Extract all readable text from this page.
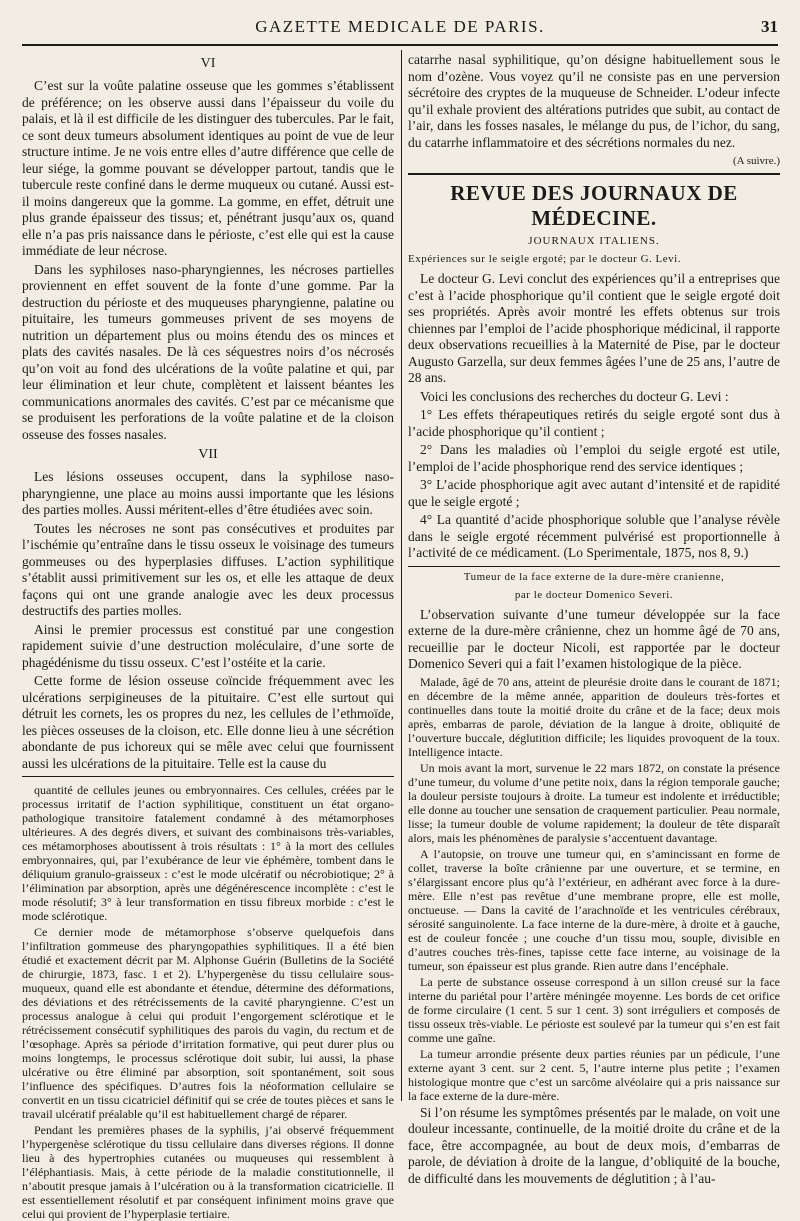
GAZETTE MEDICALE DE PARIS.	31
VI

C’est sur la voûte palatine osseuse que les gommes s’établissent de préférence; on les observe aussi dans l’épaisseur du voile du palais, et là il est difficile de les distinguer des tubercules. Par le fait, ce sont deux tumeurs absolument identiques au point de vue de leur structure intime. Je ne vois entre elles d’autre différence que celle de leur siége, la gomme pouvant se développer partout, tandis que le tubercule reste confiné dans le derme muqueux ou cutané. Aussi est-il moins dangereux que la gomme. La gomme, en effet, détruit une plus grande épaisseur des tissus; et, pénétrant jusqu’aux os, quand elle n’a pas pris naissance dans le périoste, c’est elle qui est la cause immédiate de leur nécrose.

Dans les syphiloses naso-pharyngiennes, les nécroses partielles proviennent en effet souvent de la fonte d’une gomme. Par la destruction du périoste et des muqueuses pharyngienne, palatine ou pituitaire, les tumeurs gommeuses privent de ses moyens de nutrition un département plus ou moins étendu des os minces et plats des cavités nasales. De là ces séquestres noirs d’os nécrosés qu’on voit au fond des ulcérations de la voûte palatine et qui, par leur élimination et leur chute, complètent et laissent béantes les communications anormales des cavités. C’est par ce mécanisme que se produisent les perforations de la voûte palatine et de la cloison osseuse des fosses nasales.

VII

Les lésions osseuses occupent, dans la syphilose naso-pharyngienne, une place au moins aussi importante que les lésions des parties molles. Aussi méritent-elles d’être étudiées avec soin.

Toutes les nécroses ne sont pas consécutives et produites par l’ischémie qu’entraîne dans le tissu osseux le voisinage des tumeurs gommeuses ou des hyperplasies diffuses. L’action syphilitique s’établit aussi primitivement sur les os, et elle les attaque de deux façons qui ont une grande analogie avec les deux processus destructifs des parties molles.

Ainsi le premier processus est constitué par une congestion rapidement suivie d’une destruction moléculaire, d’une sorte de phagédénisme du tissu osseux. C’est l’ostéite et la carie.

Cette forme de lésion osseuse coïncide fréquemment avec les ulcérations serpigineuses de la pituitaire. C’est elle surtout qui détruit les cornets, les os propres du nez, les cellules de l’ethmoïde, les pièces osseuses de la cloison, etc. Elle donne lieu à une sécrétion abondante de pus ichoreux qui se mêle avec celui que fournissent aussi les ulcérations de la pituitaire. Telle est la cause du

quantité de cellules jeunes ou embryonnaires. Ces cellules, créées par le processus irritatif de l’action syphilitique, constituent un état organo-pathologique transitoire fatalement condamné à des métamorphoses ultérieures. A des degrés divers, et suivant des combinaisons très-variables, ces métamorphoses aboutissent à trois résultats : 1° à la mort des cellules embryonnaires, qui, par l’exubérance de leur vie éphémère, tombent dans le déliquium granulo-graisseux : c’est le mode ulcératif ou nécrobiotique; 2° à l’élimination par absorption, après une dégénérescence incomplète : c’est le mode résolutif; 3° à leur transformation en tissu fibreux morbide : c’est le mode sclérotique.

Ce dernier mode de métamorphose s’observe quelquefois dans l’infiltration gommeuse des pharyngopathies syphilitiques. Il a été bien étudié et exactement décrit par M. Alphonse Guérin (Bulletins de la Société de chirurgie, 1873, fasc. 1 et 2). L’hypergenèse du tissu cellulaire sous-muqueux, quand elle est abondante et étendue, détermine des déformations, des déviations et des rétrécissements de la cavité pharyngienne. C’est un processus analogue à celui qui produit l’engorgement sclérotique et le rétrécissement consécutif syphilitiques des parois du vagin, du rectum et de l’œsophage. Après sa période d’irritation formative, qui peut durer plus ou moins longtemps, le processus sclérotique doit subir, lui aussi, la phase ulcérative ou être éliminé par absorption, soit spontanément, soit sous l’influence des spécifiques. D’autres fois la néoformation cellulaire se convertit en un tissu cicatriciel définitif qui se crée de toutes pièces et sans le travail ulcératif préalable qu’il est habituellement chargé de réparer.

Pendant les premières phases de la syphilis, j’ai observé fréquemment l’hypergenèse sclérotique du tissu cellulaire dans diverses régions. Il donne lieu à des hypertrophies cutanées ou muqueuses qui ressemblent à l’éléphantiasis. Mais, à cette période de la maladie constitutionnelle, il n’aboutit presque jamais à l’ulcération ou à la transformation cicatricielle. Il est essentiellement résolutif et par conséquent infiniment moins grave que celui qui provient de l’hyperplasie tertiaire.

catarrhe nasal syphilitique, qu’on désigne habituellement sous le nom d’ozène. Vous voyez qu’il ne consiste pas en une perversion sécrétoire des cryptes de la muqueuse de Schneider. L’odeur infecte qu’il exhale provient des altérations putrides que subit, au contact de l’air, dans les fosses nasales, le mélange du pus, de l’ichor, du sang, du catarrhe inflammatoire et des sécrétions normales du nez.

(A suivre.)
REVUE DES JOURNAUX DE MÉDECINE.
JOURNAUX ITALIENS.
Expériences sur le seigle ergoté; par le docteur G. Levi.

Le docteur G. Levi conclut des expériences qu’il a entreprises que c’est à l’acide phosphorique qu’il contient que le seigle ergoté doit ses propriétés. Après avoir montré les effets obtenus sur trois chiennes par l’emploi de l’acide phosphorique médicinal, il rapporte deux observations recueillies à la Maternité de Pise, par le docteur Augusto Garzella, sur deux femmes âgées l’une de 25 ans, l’autre de 28 ans.

Voici les conclusions des recherches du docteur G. Levi :

1° Les effets thérapeutiques retirés du seigle ergoté sont dus à l’acide phosphorique qu’il contient ;

2° Dans les maladies où l’emploi du seigle ergoté est utile, l’emploi de l’acide phosphorique rend des service identiques ;

3° L’acide phosphorique agit avec autant d’intensité et de rapidité que le seigle ergoté ;

4° La quantité d’acide phosphorique soluble que l’analyse révèle dans le seigle ergoté récemment pulvérisé est proportionnelle à l’activité de ce médicament. (Lo Sperimentale, 1875, nos 8, 9.)

Tumeur de la face externe de la dure-mère cranienne,
par le docteur Domenico Severi.

L’observation suivante d’une tumeur développée sur la face externe de la dure-mère crânienne, chez un homme âgé de 70 ans, recueillie par le docteur Nicoli, est rapportée par le docteur Domenico Severi qui a fait l’examen histologique de la pièce.

Malade, âgé de 70 ans, atteint de pleurésie droite dans le courant de 1871; en décembre de la même année, apparition de douleurs très-fortes et continuelles dans toute la moitié droite du crâne et de la face; deux mois après, embarras de parole, déviation de la langue à droite, obliquité de l’ouverture buccale, déglutition difficile; les liquides provoquent de la toux. Intelligence intacte.

Un mois avant la mort, survenue le 22 mars 1872, on constate la présence d’une tumeur, du volume d’une petite noix, dans la région temporale gauche; la douleur persiste toujours à droite. La tumeur est indolente et irréductible; elle donne au toucher une sensation de craquement particulier. Peau normale, lisse; la tumeur double de volume rapidement; la douleur de tête disparaît alors, mais les phénomènes de paralysie s’accentuent davantage.

A l’autopsie, on trouve une tumeur qui, en s’amincissant en forme de collet, traverse la boîte crânienne par une ouverture, et se termine, en s’élargissant encore plus qu’à l’extérieur, en adhérant avec force à la dure-mère. Elle n’est pas revêtue d’une membrane propre, elle est molle, onctueuse. — Dans la cavité de l’arachnoïde et les ventricules cérébraux, sérosité sanguinolente. La face interne de la dure-mère, à droite et à gauche, est de couleur foncée ; une couche d’un tissu mou, souple, divisible en d’autres couches très-fines, tapisse cette face interne, au voisinage de la tumeur, son épaisseur est plus grande. Rien autre dans l’encéphale.

La perte de substance osseuse correspond à un sillon creusé sur la face interne du pariétal pour l’artère méningée moyenne. Les bords de cet orifice de forme circulaire (1 cent. 5 sur 1 cent. 3) sont irréguliers et composés de tissu osseux très-viable. Le périoste est soulevé par la tumeur qui s’en est fait comme une gaîne.

La tumeur arrondie présente deux parties réunies par un pédicule, l’une externe ayant 3 cent. sur 2 cent. 5, l’autre interne plus petite ; l’examen histologique montre que c’est un sarcôme alvéolaire qui a pris naissance sur la face externe de la dure-mère.

Si l’on résume les symptômes présentés par le malade, on voit une douleur incessante, continuelle, de la moitié droite du crâne et de la face, être accompagnée, au bout de deux mois, d’embarras de parole, de déviation à droite de la langue, d’obliquité de la bouche, de difficulté dans les mouvements de déglutition ; à l’au-
